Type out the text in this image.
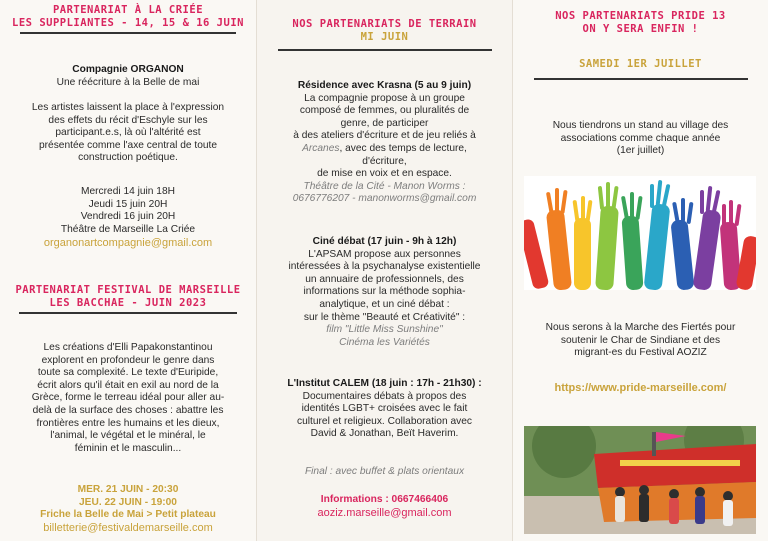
PARTENARIAT À LA CRIÉE
LES SUPPLIANTES - 14, 15 & 16 JUIN

Compagnie ORGANON

Une réécriture à la Belle de mai

Les artistes laissent la place à l'expression

des effets du récit d'Eschyle sur les

participant.e.s, là où l'altérité est

présentée comme l'axe central de toute

construction poétique.

Mercredi 14 juin 18H

Jeudi 15 juin 20H

Vendredi 16 juin 20H

Théâtre de Marseille La Criée

organonartcompagnie@gmail.com

PARTENARIAT FESTIVAL DE MARSEILLE
LES BACCHAE - JUIN 2023

Les créations d'Elli Papakonstantinou

explorent en profondeur le genre dans

toute sa complexité. Le texte d'Euripide,

écrit alors qu'il était en exil au nord de la

Grèce, forme le terreau idéal pour aller au-

delà de la surface des choses : abattre les

frontières entre les humains et les dieux,

l'animal, le végétal et le minéral, le

féminin et le masculin...

MER. 21 JUIN - 20:30

JEU. 22 JUIN - 19:00

Friche la Belle de Mai > Petit plateau

billetterie@festivaldemarseille.com

NOS PARTENARIATS DE TERRAIN
MI JUIN

Résidence avec Krasna (5 au 9 juin)

La compagnie propose à un groupe

composé de femmes, ou pluralités de

genre, de participer

à des ateliers d'écriture et de jeu reliés à

Arcanes, avec des temps de lecture,

d'écriture,

de mise en voix et en espace.

Théâtre de la Cité - Manon Worms :

0676776207 - manonworms@gmail.com

Ciné débat (17 juin - 9h à 12h)

L'APSAM propose aux personnes

intéressées à la psychanalyse existentielle

un annuaire de professionnels, des

informations sur la méthode sophia-

analytique, et un ciné débat :

sur le thème "Beauté et Créativité" :

film "Little Miss Sunshine"

Cinéma les Variétés

L'Institut CALEM (18 juin : 17h - 21h30) :

Documentaires débats à propos des

identités LGBT+ croisées avec le fait

culturel et religieux. Collaboration avec

David & Jonathan, Beït Haverim.

Final : avec buffet & plats orientaux

Informations : 0667466406

aoziz.marseille@gmail.com

NOS PARTENARIATS PRIDE 13
ON Y SERA ENFIN !
SAMEDI 1ER JUILLET

Nous tiendrons un stand au village des

associations comme chaque année

(1er juillet)

Nous serons à la Marche des Fiertés pour

soutenir le Char de Sindiane et des

migrant-es du Festival AOZIZ

https://www.pride-marseille.com/
